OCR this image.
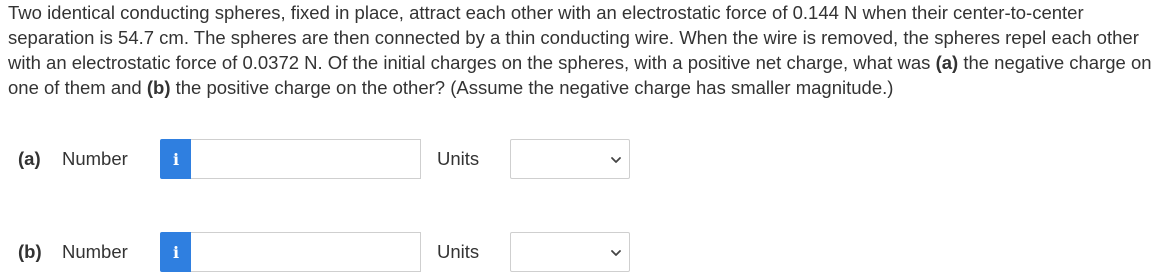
Two identical conducting spheres, fixed in place, attract each other with an electrostatic force of 0.144 N when their center-to-center separation is 54.7 cm. The spheres are then connected by a thin conducting wire. When the wire is removed, the spheres repel each other with an electrostatic force of 0.0372 N. Of the initial charges on the spheres, with a positive net charge, what was (a) the negative charge on one of them and (b) the positive charge on the other? (Assume the negative charge has smaller magnitude.)
(a) Number	i	Units
(b) Number	i	Units
